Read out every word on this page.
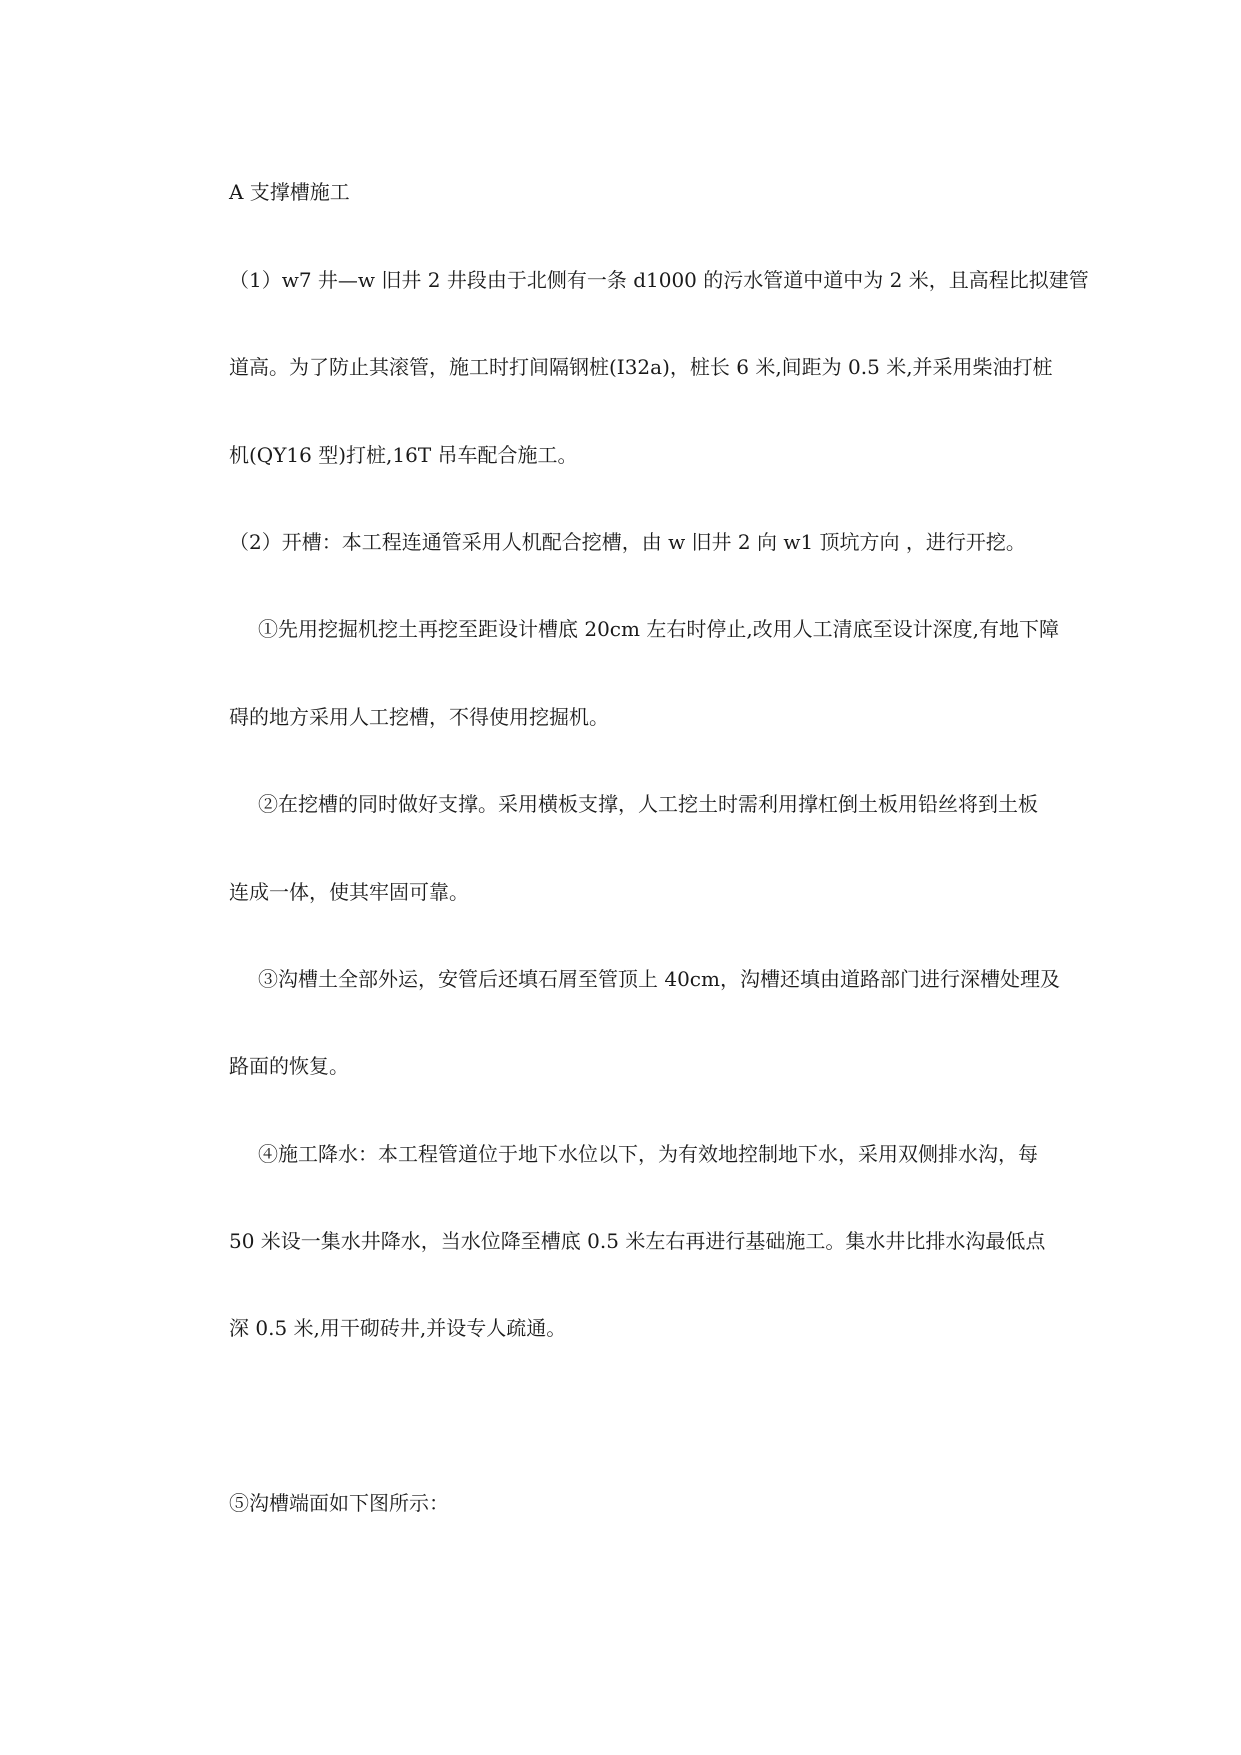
A 支撑槽施工
（1）w7 井—w 旧井 2 井段由于北侧有一条 d1000 的污水管道中道中为 2 米，且高程比拟建管
道高。为了防止其滚管，施工时打间隔钢桩(I32a)，桩长 6 米,间距为 0.5 米,并采用柴油打桩
机(QY16 型)打桩,16T 吊车配合施工。
（2）开槽：本工程连通管采用人机配合挖槽，由 w 旧井 2 向 w1 顶坑方向 ，进行开挖。
①先用挖掘机挖土再挖至距设计槽底 20cm 左右时停止,改用人工清底至设计深度,有地下障
碍的地方采用人工挖槽，不得使用挖掘机。
②在挖槽的同时做好支撑。采用横板支撑，人工挖土时需利用撑杠倒土板用铅丝将到土板
连成一体，使其牢固可靠。
③沟槽土全部外运，安管后还填石屑至管顶上 40cm，沟槽还填由道路部门进行深槽处理及
路面的恢复。
④施工降水：本工程管道位于地下水位以下，为有效地控制地下水，采用双侧排水沟，每
50 米设一集水井降水，当水位降至槽底 0.5 米左右再进行基础施工。集水井比排水沟最低点
深 0.5 米,用干砌砖井,并设专人疏通。
⑤沟槽端面如下图所示：
